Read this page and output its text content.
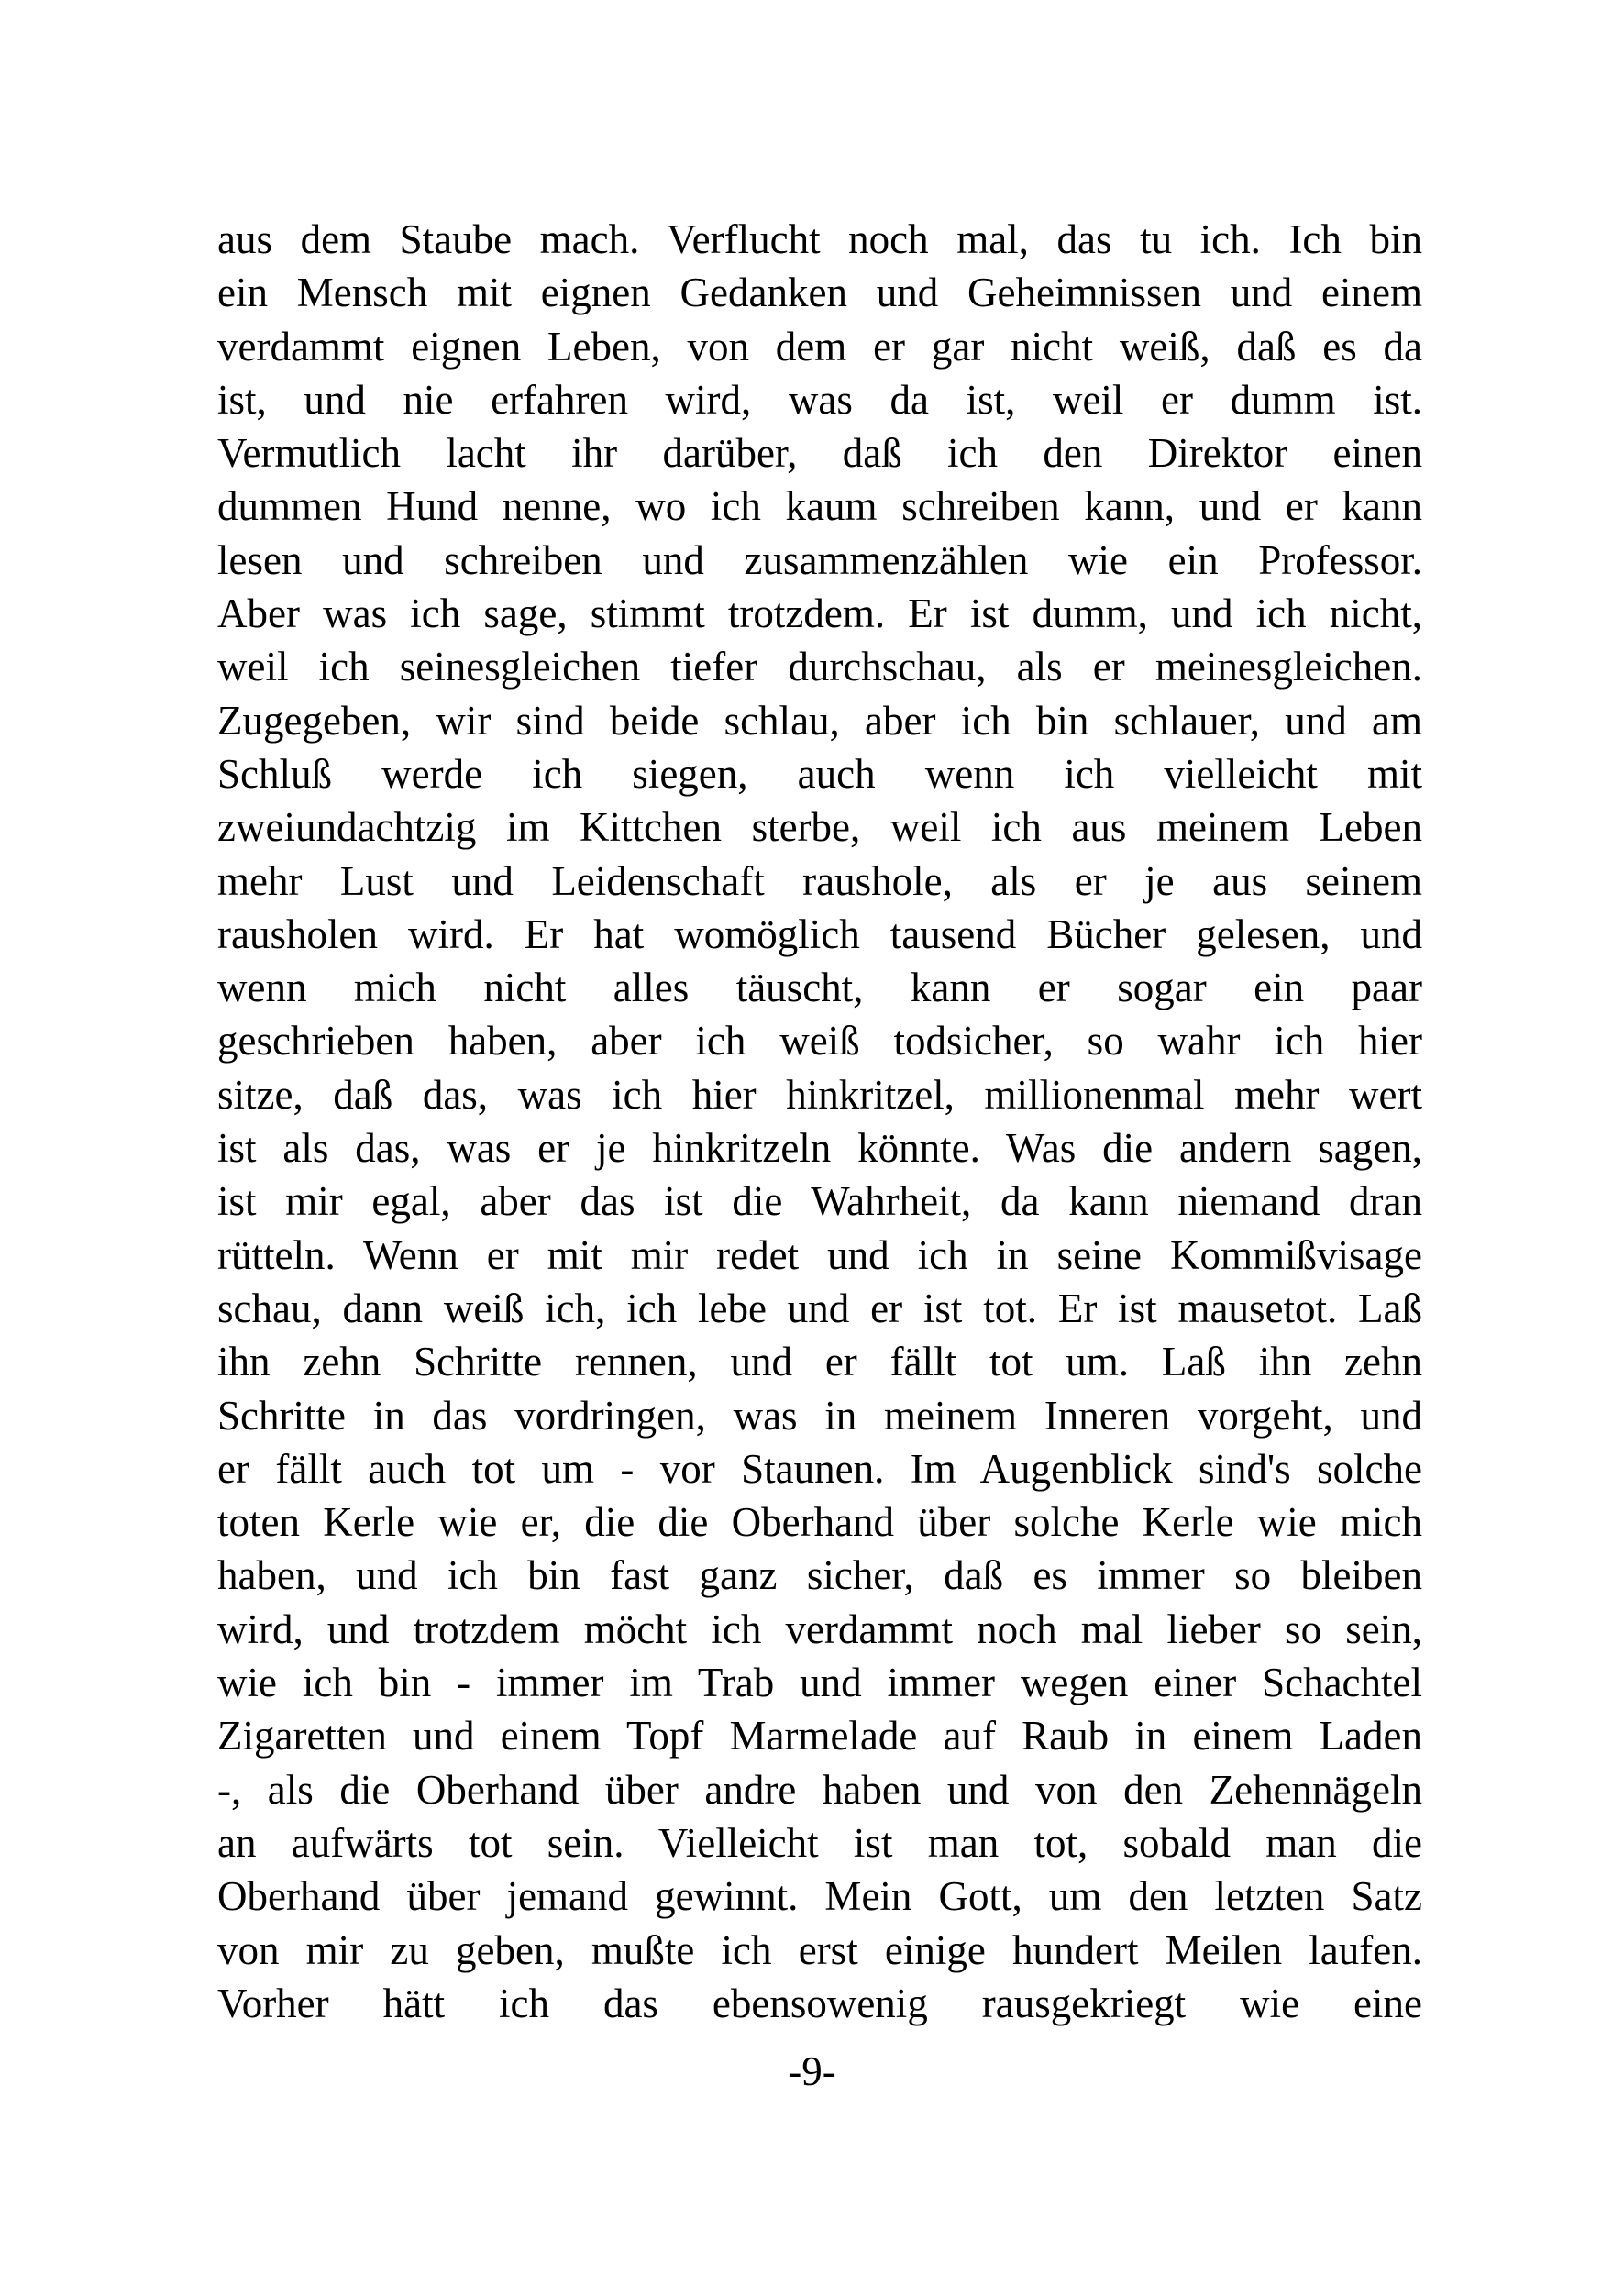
aus dem Staube mach. Verflucht noch mal, das tu ich. Ich bin
ein Mensch mit eignen Gedanken und Geheimnissen und einem
verdammt eignen Leben, von dem er gar nicht weiß, daß es da
ist, und nie erfahren wird, was da ist, weil er dumm ist.
Vermutlich lacht ihr darüber, daß ich den Direktor einen
dummen Hund nenne, wo ich kaum schreiben kann, und er kann
lesen und schreiben und zusammenzählen wie ein Professor.
Aber was ich sage, stimmt trotzdem. Er ist dumm, und ich nicht,
weil ich seinesgleichen tiefer durchschau, als er meinesgleichen.
Zugegeben, wir sind beide schlau, aber ich bin schlauer, und am
Schluß werde ich siegen, auch wenn ich vielleicht mit
zweiundachtzig im Kittchen sterbe, weil ich aus meinem Leben
mehr Lust und Leidenschaft raushole, als er je aus seinem
rausholen wird. Er hat womöglich tausend Bücher gelesen, und
wenn mich nicht alles täuscht, kann er sogar ein paar
geschrieben haben, aber ich weiß todsicher, so wahr ich hier
sitze, daß das, was ich hier hinkritzel, millionenmal mehr wert
ist als das, was er je hinkritzeln könnte. Was die andern sagen,
ist mir egal, aber das ist die Wahrheit, da kann niemand dran
rütteln. Wenn er mit mir redet und ich in seine Kommißvisage
schau, dann weiß ich, ich lebe und er ist tot. Er ist mausetot. Laß
ihn zehn Schritte rennen, und er fällt tot um. Laß ihn zehn
Schritte in das vordringen, was in meinem Inneren vorgeht, und
er fällt auch tot um - vor Staunen. Im Augenblick sind's solche
toten Kerle wie er, die die Oberhand über solche Kerle wie mich
haben, und ich bin fast ganz sicher, daß es immer so bleiben
wird, und trotzdem möcht ich verdammt noch mal lieber so sein,
wie ich bin - immer im Trab und immer wegen einer Schachtel
Zigaretten und einem Topf Marmelade auf Raub in einem Laden
-, als die Oberhand über andre haben und von den Zehennägeln
an aufwärts tot sein. Vielleicht ist man tot, sobald man die
Oberhand über jemand gewinnt. Mein Gott, um den letzten Satz
von mir zu geben, mußte ich erst einige hundert Meilen laufen.
Vorher hätt ich das ebensowenig rausgekriegt wie eine
-9-
